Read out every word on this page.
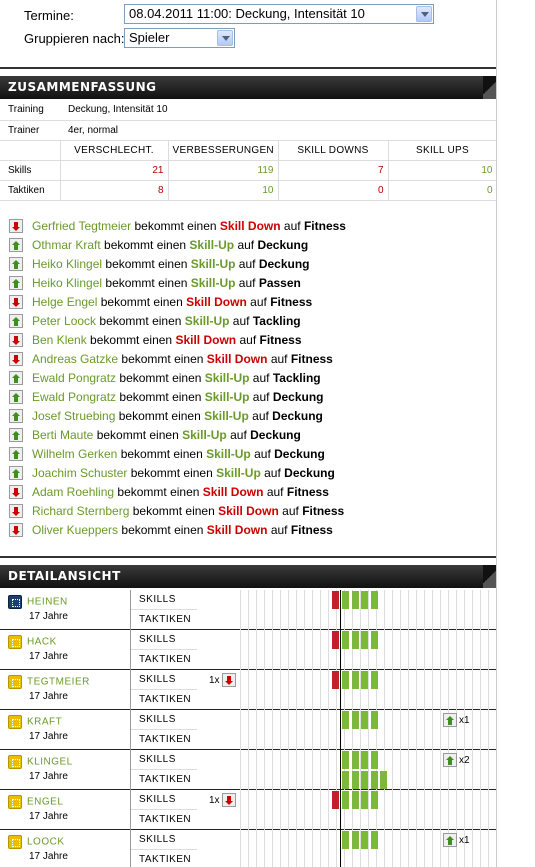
Termine:	08.04.2011 11:00: Deckung, Intensität 10
Gruppieren nach: Spieler
ZUSAMMENFASSUNG
Training	Deckung, Intensität 10
Trainer	4er, normal
	VERSCHLECHT.	VERBESSERUNGEN	SKILL DOWNS	SKILL UPS
Skills	21	119	7	10
Taktiken	8	10	0	0
Gerfried Tegtmeier
bekommt einen
Skill Down
auf
Fitness
Othmar Kraft
bekommt einen
Skill-Up
auf
Deckung
Heiko Klingel
bekommt einen
Skill-Up
auf
Deckung
Heiko Klingel
bekommt einen
Skill-Up
auf
Passen
Helge Engel
bekommt einen
Skill Down
auf
Fitness
Peter Loock
bekommt einen
Skill-Up
auf
Tackling
Ben Klenk
bekommt einen
Skill Down
auf
Fitness
Andreas Gatzke
bekommt einen
Skill Down
auf
Fitness
Ewald Pongratz
bekommt einen
Skill-Up
auf
Tackling
Ewald Pongratz
bekommt einen
Skill-Up
auf
Deckung
Josef Struebing
bekommt einen
Skill-Up
auf
Deckung
Berti Maute
bekommt einen
Skill-Up
auf
Deckung
Wilhelm Gerken
bekommt einen
Skill-Up
auf
Deckung
Joachim Schuster
bekommt einen
Skill-Up
auf
Deckung
Adam Roehling
bekommt einen
Skill Down
auf
Fitness
Richard Sternberg
bekommt einen
Skill Down
auf
Fitness
Oliver Kueppers
bekommt einen
Skill Down
auf
Fitness
DETAILANSICHT
HEINEN
17 Jahre
SKILLS
TAKTIKEN
HACK
17 Jahre
SKILLS
TAKTIKEN
TEGTMEIER
17 Jahre
SKILLS
TAKTIKEN
1x
KRAFT
17 Jahre
SKILLS
TAKTIKEN
x1
KLINGEL
17 Jahre
SKILLS
TAKTIKEN
x2
ENGEL
17 Jahre
SKILLS
TAKTIKEN
1x
LOOCK
17 Jahre
SKILLS
TAKTIKEN
x1
